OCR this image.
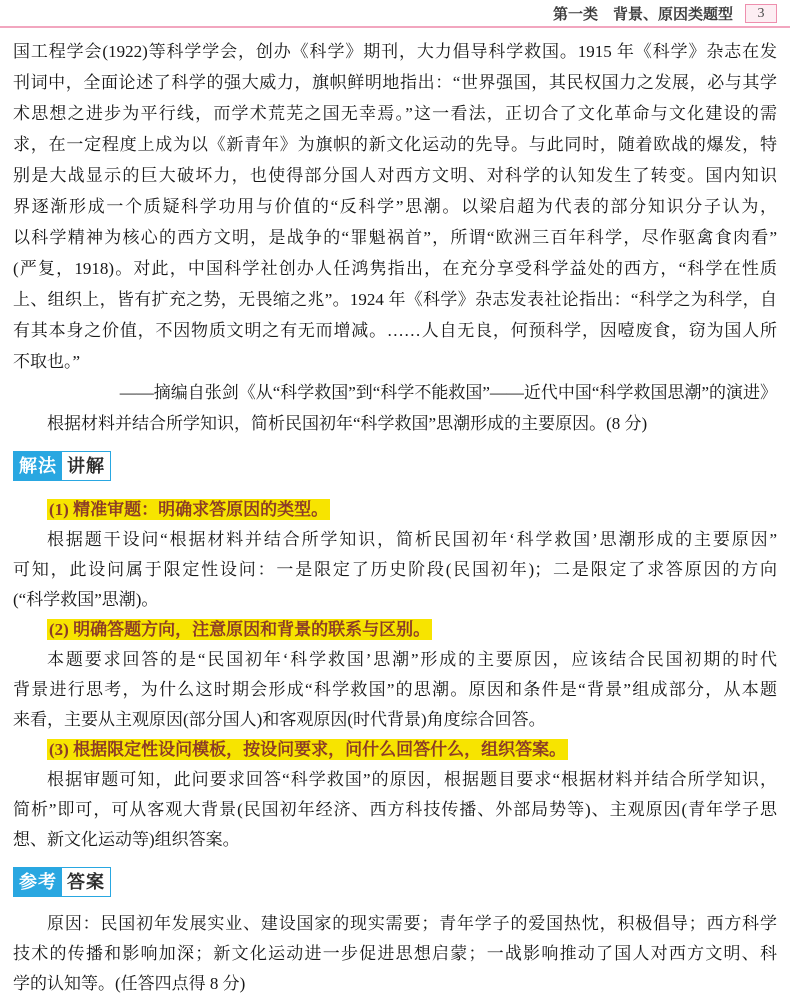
第一类　背景、原因类题型	3
国工程学会(1922)等科学学会，创办《科学》期刊，大力倡导科学救国。1915 年《科学》杂志在发
刊词中，全面论述了科学的强大威力，旗帜鲜明地指出：“世界强国，其民权国力之发展，必与其学
术思想之进步为平行线，而学术荒芜之国无幸焉。”这一看法，正切合了文化革命与文化建设的需
求，在一定程度上成为以《新青年》为旗帜的新文化运动的先导。与此同时，随着欧战的爆发，特
别是大战显示的巨大破坏力，也使得部分国人对西方文明、对科学的认知发生了转变。国内知识
界逐渐形成一个质疑科学功用与价值的“反科学”思潮。以梁启超为代表的部分知识分子认为，
以科学精神为核心的西方文明，是战争的“罪魁祸首”，所谓“欧洲三百年科学，尽作驱禽食肉看”
(严复，1918)。对此，中国科学社创办人任鸿隽指出，在充分享受科学益处的西方，“科学在性质
上、组织上，皆有扩充之势，无畏缩之兆”。1924 年《科学》杂志发表社论指出：“科学之为科学，自
有其本身之价值，不因物质文明之有无而增减。……人自无良，何预科学，因噎废食，窃为国人所
不取也。”
——摘编自张剑《从“科学救国”到“科学不能救国”——近代中国“科学救国思潮”的演进》
根据材料并结合所学知识，简析民国初年“科学救国”思潮形成的主要原因。(8 分)
解法 讲解
(1) 精准审题：明确求答原因的类型。
根据题干设问“根据材料并结合所学知识，简析民国初年‘科学救国’思潮形成的主要原因”
可知，此设问属于限定性设问：一是限定了历史阶段(民国初年)；二是限定了求答原因的方向
(“科学救国”思潮)。
(2) 明确答题方向，注意原因和背景的联系与区别。
本题要求回答的是“民国初年‘科学救国’思潮”形成的主要原因，应该结合民国初期的时代
背景进行思考，为什么这时期会形成“科学救国”的思潮。原因和条件是“背景”组成部分，从本题
来看，主要从主观原因(部分国人)和客观原因(时代背景)角度综合回答。
(3) 根据限定性设问模板，按设问要求，问什么回答什么，组织答案。
根据审题可知，此问要求回答“科学救国”的原因，根据题目要求“根据材料并结合所学知识，
简析”即可，可从客观大背景(民国初年经济、西方科技传播、外部局势等)、主观原因(青年学子思
想、新文化运动等)组织答案。
参考 答案
原因：民国初年发展实业、建设国家的现实需要；青年学子的爱国热忱，积极倡导；西方科学
技术的传播和影响加深；新文化运动进一步促进思想启蒙；一战影响推动了国人对西方文明、科
学的认知等。(任答四点得 8 分)
